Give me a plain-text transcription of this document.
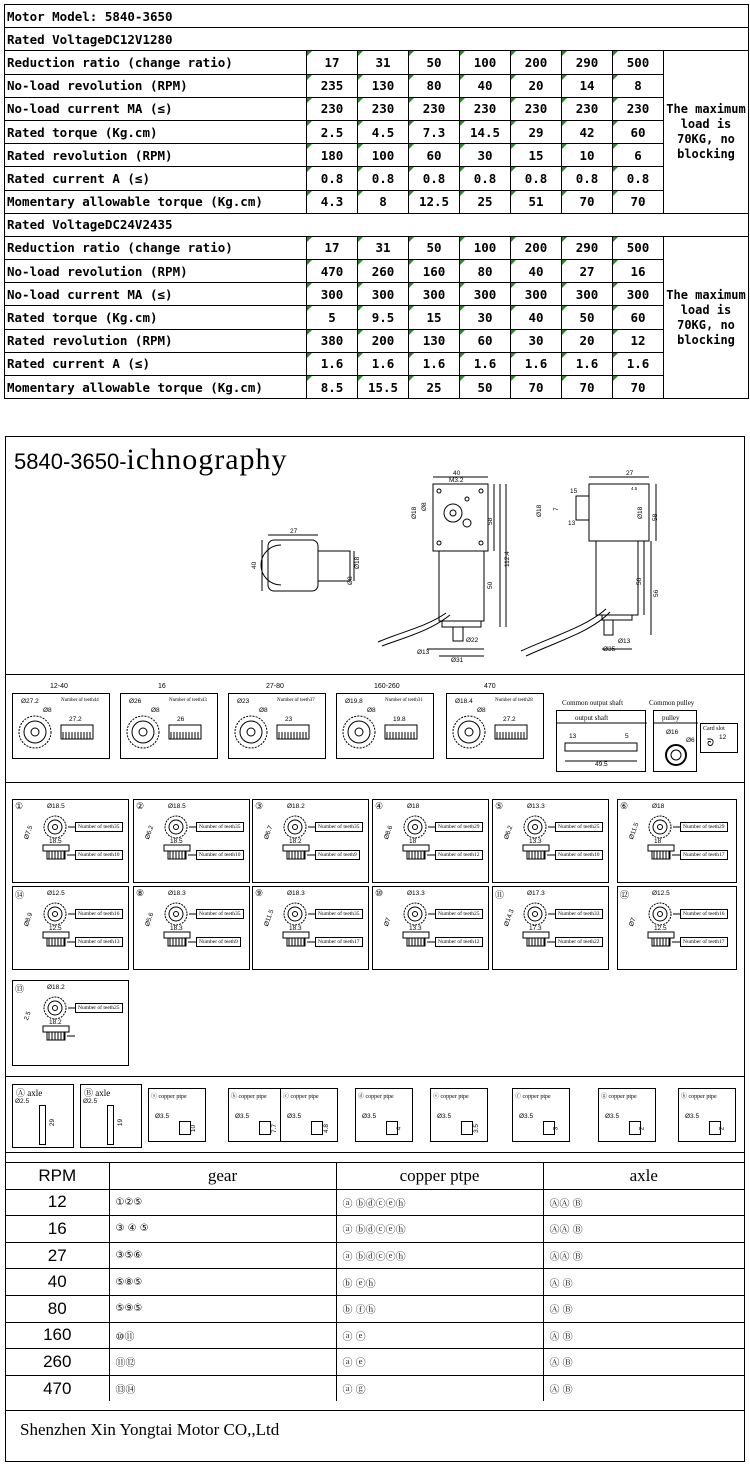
Motor Model: 5840-3650								
Rated VoltageDC12V1280								
Reduction ratio (change ratio)	17	31	50	100	200	290	500	The maximum load is 70KG, no blocking
No-load revolution (RPM)	235	130	80	40	20	14	8	
No-load current MA (≤)	230	230	230	230	230	230	230	
Rated torque (Kg.cm)	2.5	4.5	7.3	14.5	29	42	60	
Rated revolution (RPM)	180	100	60	30	15	10	6	
Rated current A (≤)	0.8	0.8	0.8	0.8	0.8	0.8	0.8	
Momentary allowable torque (Kg.cm)	4.3	8	12.5	25	51	70	70	
Rated VoltageDC24V2435								
Reduction ratio (change ratio)	17	31	50	100	200	290	500	The maximum load is 70KG, no blocking
No-load revolution (RPM)	470	260	160	80	40	27	16	
No-load current MA (≤)	300	300	300	300	300	300	300	
Rated torque (Kg.cm)	5	9.5	15	30	40	50	60	
Rated revolution (RPM)	380	200	130	60	30	20	12	
Rated current A (≤)	1.6	1.6	1.6	1.6	1.6	1.6	1.6	
Momentary allowable torque (Kg.cm)	8.5	15.5	25	50	70	70	70	
5840-3650-ichnography
27
40	Ø18
Ø8
40
M3.2
Ø18
Ø8
58
50
112.4
Ø22
Ø13
Ø31
27
15	4.5
13
Ø18 7	Ø18 58
50
56
Ø13
Ø35
12-40
Ø27.2
Ø8
27.2
Number of teeth44
16
Ø26
Ø8
26
Number of teeth43
27-80
Ø23
Ø8
23
Number of teeth37
160-260
Ø19.8
Ø8
19.8
Number of teeth31
470
Ø18.4
Ø8
27.2
Number of teeth28	Common output shaft	Common pulley
output shaft
13	5
49.5
pulley
Ø16
Ø6
Card slot
12
ᘐ
①	Ø18.5
Ø7.5
18.5
Number of teeth35
Number of teeth10
②	Ø18.5
Ø6.2
18.5
Number of teeth35
Number of teeth10
③	Ø18.2
Ø6.7
18.2
Number of teeth35
Number of teeth9
④	Ø18
Ø8.6
18
Number of teeth29
Number of teeth12
⑤	Ø13.3
Ø6.2
13.3
Number of teeth25
Number of teeth10
⑥	Ø18
Ø11.5
18
Number of teeth29
Number of teeth17
⑭	Ø12.5
Ø8.9
12.5
Number of teeth16
Number of teeth13
⑧	Ø18.3
Ø5.6
18.3
Number of teeth35
Number of teeth9
⑨	Ø18.3
Ø11.5
18.3
Number of teeth35
Number of teeth17
⑩	Ø13.3
Ø7
13.3
Number of teeth25
Number of teeth12
⑪	Ø17.3
Ø14.3
17.3
Number of teeth33
Number of teeth22
⑫	Ø12.5
Ø7
12.5
Number of teeth16
Number of teeth17
⑬	Ø18.2
2.5
18.2
Number of teeth25
Ⓐ axle
Ø2.5
29
Ⓑ axle
Ø2.5
19
ⓐ copper ptpe
Ø3.5
10
ⓑ copper ptpe
Ø3.5
7.7
ⓒ copper ptpe
Ø3.5
4.8
ⓓ copper ptpe
Ø3.5
4
ⓔ copper ptpe
Ø3.5
3.5
ⓕ copper ptpe
Ø3.5
3
ⓖ copper ptpe
Ø3.5
2
ⓗ copper ptpe
Ø3.5
2
RPM	gear	copper ptpe	axle
12	①②⑤	ⓐ ⓑⓓⓒⓔⓗ	ⒶⒶ Ⓑ
16	③ ④ ⑤	ⓐ ⓑⓓⓒⓔⓗ	ⒶⒶ Ⓑ
27	③⑤⑥	ⓐ ⓑⓓⓒⓔⓗ	ⒶⒶ Ⓑ
40	⑤⑧⑤	ⓑ ⓔⓗ	Ⓐ Ⓑ
80	⑤⑨⑤	ⓑ ⓕⓗ	Ⓐ Ⓑ
160	⑩⑪	ⓐ ⓔ	Ⓐ Ⓑ
260	⑪⑫	ⓐ ⓔ	Ⓐ Ⓑ
470	⑬⑭	ⓐ ⓖ	Ⓐ Ⓑ
Shenzhen Xin Yongtai Motor CO,,Ltd
